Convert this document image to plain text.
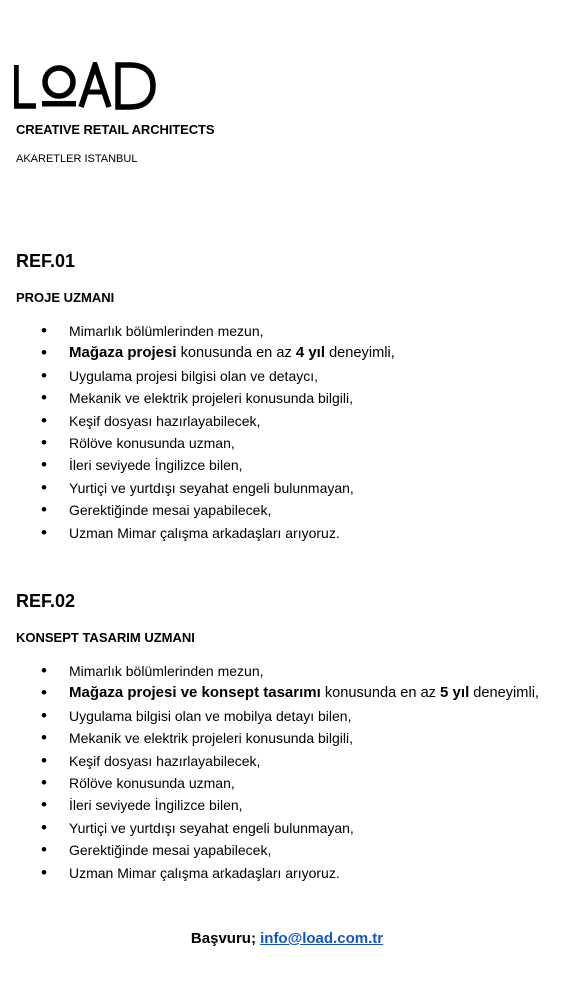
CREATIVE RETAIL ARCHITECTS
AKARETLER ISTANBUL
REF.01
PROJE UZMANI
• Mimarlık bölümlerinden mezun,
• Mağaza projesi konusunda en az 4 yıl deneyimli,
• Uygulama projesi bilgisi olan ve detaycı,
• Mekanik ve elektrik projeleri konusunda bilgili,
• Keşif dosyası hazırlayabilecek,
• Rölöve konusunda uzman,
• İleri seviyede İngilizce bilen,
• Yurtiçi ve yurtdışı seyahat engeli bulunmayan,
• Gerektiğinde mesai yapabilecek,
• Uzman Mimar çalışma arkadaşları arıyoruz.
REF.02
KONSEPT TASARIM UZMANI
• Mimarlık bölümlerinden mezun,
• Mağaza projesi ve konsept tasarımı konusunda en az 5 yıl deneyimli,
• Uygulama bilgisi olan ve mobilya detayı bilen,
• Mekanik ve elektrik projeleri konusunda bilgili,
• Keşif dosyası hazırlayabilecek,
• Rölöve konusunda uzman,
• İleri seviyede İngilizce bilen,
• Yurtiçi ve yurtdışı seyahat engeli bulunmayan,
• Gerektiğinde mesai yapabilecek,
• Uzman Mimar çalışma arkadaşları arıyoruz.
Başvuru; info@load.com.tr
